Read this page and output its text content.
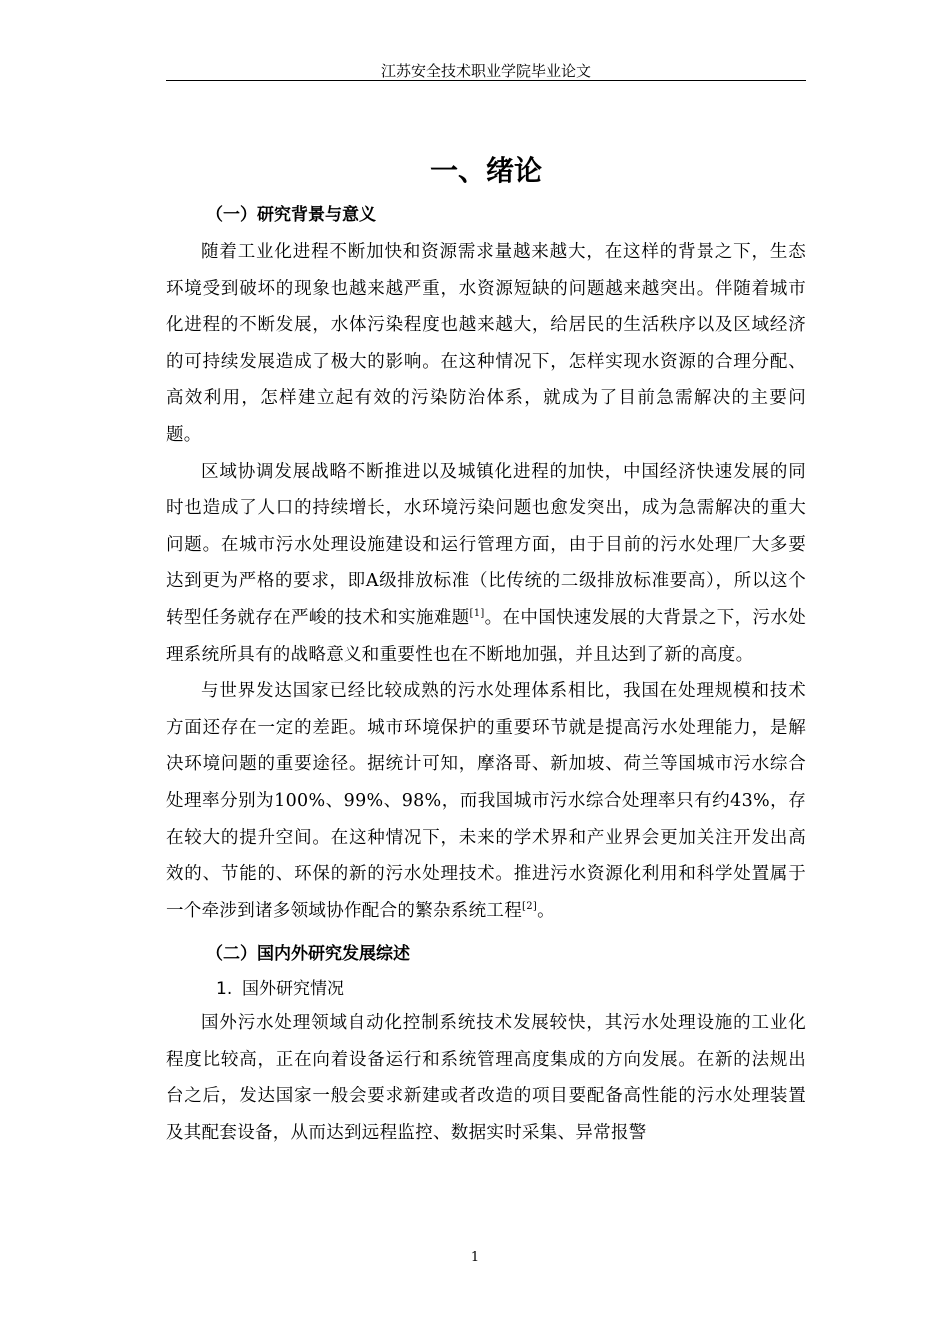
江苏安全技术职业学院毕业论文
一、绪论
（一）研究背景与意义

随着工业化进程不断加快和资源需求量越来越大，在这样的背景之下，生态环境受到破坏的现象也越来越严重，水资源短缺的问题越来越突出。伴随着城市化进程的不断发展，水体污染程度也越来越大，给居民的生活秩序以及区域经济的可持续发展造成了极大的影响。在这种情况下，怎样实现水资源的合理分配、高效利用，怎样建立起有效的污染防治体系，就成为了目前急需解决的主要问题。

区域协调发展战略不断推进以及城镇化进程的加快，中国经济快速发展的同时也造成了人口的持续增长，水环境污染问题也愈发突出，成为急需解决的重大问题。在城市污水处理设施建设和运行管理方面，由于目前的污水处理厂大多要达到更为严格的要求，即A级排放标准（比传统的二级排放标准要高），所以这个转型任务就存在严峻的技术和实施难题[1]。在中国快速发展的大背景之下，污水处理系统所具有的战略意义和重要性也在不断地加强，并且达到了新的高度。

与世界发达国家已经比较成熟的污水处理体系相比，我国在处理规模和技术方面还存在一定的差距。城市环境保护的重要环节就是提高污水处理能力，是解决环境问题的重要途径。据统计可知，摩洛哥、新加坡、荷兰等国城市污水综合处理率分别为100%、99%、98%，而我国城市污水综合处理率只有约43%，存在较大的提升空间。在这种情况下，未来的学术界和产业界会更加关注开发出高效的、节能的、环保的新的污水处理技术。推进污水资源化利用和科学处置属于一个牵涉到诸多领域协作配合的繁杂系统工程[2]。

（二）国内外研究发展综述
1. 国外研究情况

国外污水处理领域自动化控制系统技术发展较快，其污水处理设施的工业化程度比较高，正在向着设备运行和系统管理高度集成的方向发展。在新的法规出台之后，发达国家一般会要求新建或者改造的项目要配备高性能的污水处理装置及其配套设备，从而达到远程监控、数据实时采集、异常报警

1
